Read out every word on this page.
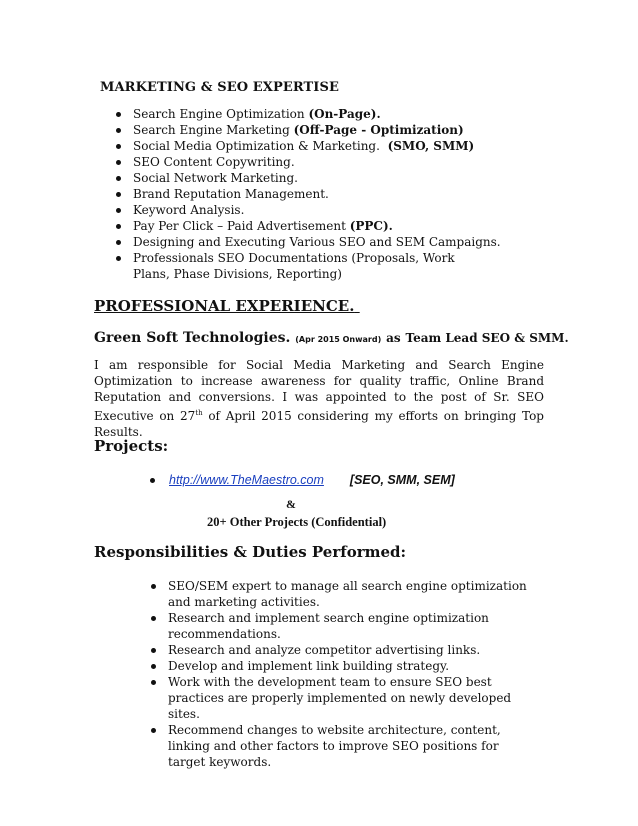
MARKETING & SEO EXPERTISE
Search Engine Optimization (On-Page).
Search Engine Marketing (Off-Page - Optimization)
Social Media Optimization & Marketing.  (SMO, SMM)
SEO Content Copywriting.
Social Network Marketing.
Brand Reputation Management.
Keyword Analysis.
Pay Per Click – Paid Advertisement (PPC).
Designing and Executing Various SEO and SEM Campaigns.
Professionals SEO Documentations (Proposals, Work Plans, Phase Divisions, Reporting)
PROFESSIONAL EXPERIENCE.
Green Soft Technologies. (Apr 2015 Onward) as Team Lead SEO & SMM.

I am responsible for Social Media Marketing and Search Engine Optimization to increase awareness for quality traffic, Online Brand Reputation and conversions. I was appointed to the post of Sr. SEO Executive on 27th of April 2015 considering my efforts on bringing Top Results.

Projects:
http://www.TheMaestro.com [SEO, SMM, SEM]
&
20+ Other Projects (Confidential)
Responsibilities & Duties Performed:
SEO/SEM expert to manage all search engine optimization and marketing activities.
Research and implement search engine optimization recommendations.
Research and analyze competitor advertising links.
Develop and implement link building strategy.
Work with the development team to ensure SEO best practices are properly implemented on newly developed sites.
Recommend changes to website architecture, content, linking and other factors to improve SEO positions for target keywords.
